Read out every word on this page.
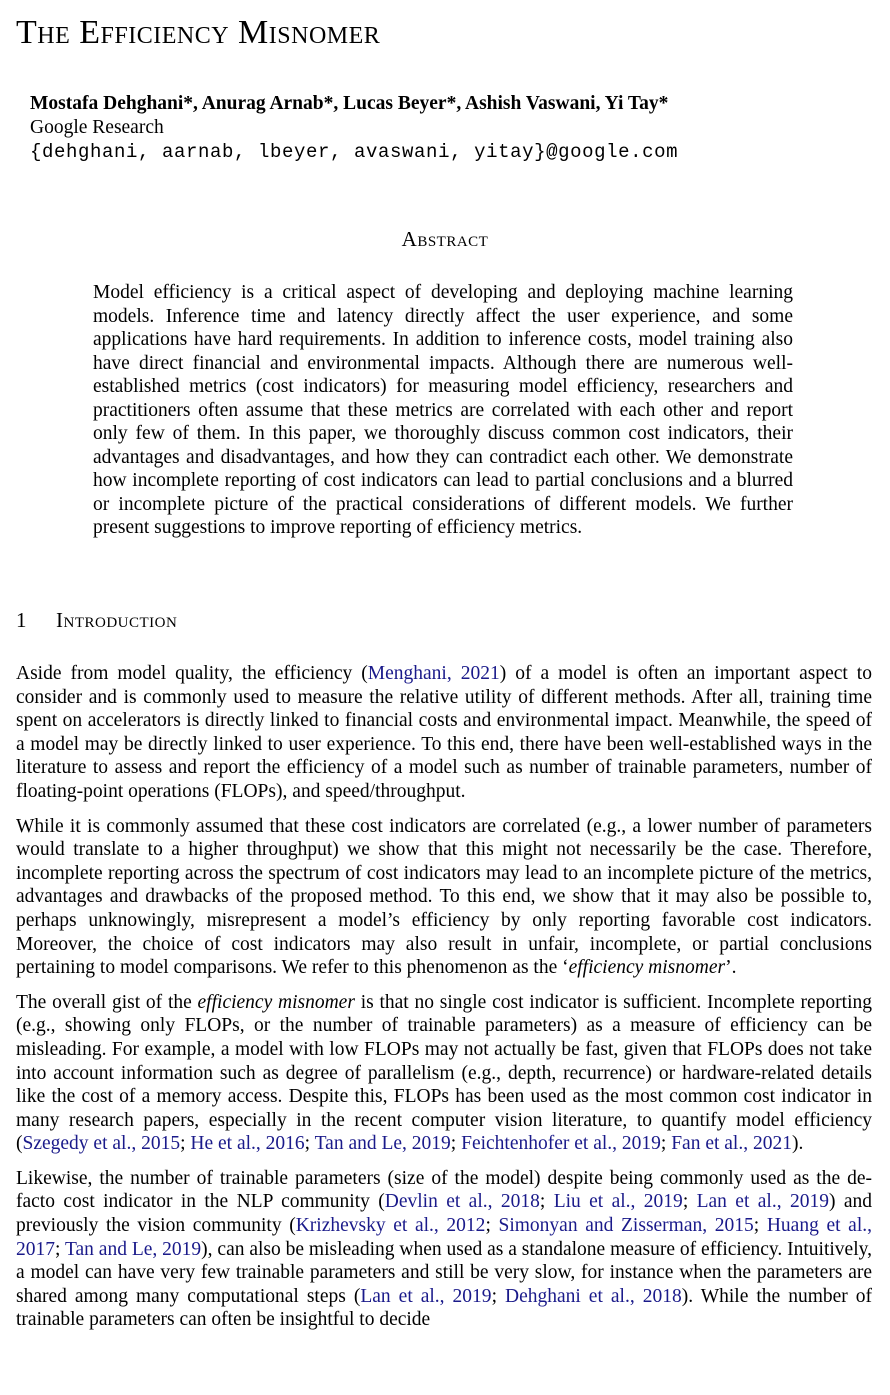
The Efficiency Misnomer
Mostafa Dehghani*, Anurag Arnab*, Lucas Beyer*, Ashish Vaswani, Yi Tay*
Google Research
{dehghani, aarnab, lbeyer, avaswani, yitay}@google.com
Abstract
Model efficiency is a critical aspect of developing and deploying machine learning models. Inference time and latency directly affect the user experience, and some applications have hard requirements. In addition to inference costs, model training also have direct financial and environmental impacts. Although there are numerous well-established metrics (cost indicators) for measuring model efficiency, researchers and practitioners often assume that these metrics are correlated with each other and report only few of them. In this paper, we thoroughly discuss common cost indicators, their advantages and disadvantages, and how they can contradict each other. We demonstrate how incomplete reporting of cost indicators can lead to partial conclusions and a blurred or incomplete picture of the practical considerations of different models. We further present suggestions to improve reporting of efficiency metrics.
1 Introduction

Aside from model quality, the efficiency (Menghani, 2021) of a model is often an important aspect to consider and is commonly used to measure the relative utility of different methods. After all, training time spent on accelerators is directly linked to financial costs and environmental impact. Meanwhile, the speed of a model may be directly linked to user experience. To this end, there have been well-established ways in the literature to assess and report the efficiency of a model such as number of trainable parameters, number of floating-point operations (FLOPs), and speed/throughput.

While it is commonly assumed that these cost indicators are correlated (e.g., a lower number of parameters would translate to a higher throughput) we show that this might not necessarily be the case. Therefore, incomplete reporting across the spectrum of cost indicators may lead to an incomplete picture of the metrics, advantages and drawbacks of the proposed method. To this end, we show that it may also be possible to, perhaps unknowingly, misrepresent a model’s efficiency by only reporting favorable cost indicators. Moreover, the choice of cost indicators may also result in unfair, incomplete, or partial conclusions pertaining to model comparisons. We refer to this phenomenon as the ‘efficiency misnomer’.

The overall gist of the efficiency misnomer is that no single cost indicator is sufficient. Incomplete reporting (e.g., showing only FLOPs, or the number of trainable parameters) as a measure of efficiency can be misleading. For example, a model with low FLOPs may not actually be fast, given that FLOPs does not take into account information such as degree of parallelism (e.g., depth, recurrence) or hardware-related details like the cost of a memory access. Despite this, FLOPs has been used as the most common cost indicator in many research papers, especially in the recent computer vision literature, to quantify model efficiency (Szegedy et al., 2015; He et al., 2016; Tan and Le, 2019; Feichtenhofer et al., 2019; Fan et al., 2021).

Likewise, the number of trainable parameters (size of the model) despite being commonly used as the de-facto cost indicator in the NLP community (Devlin et al., 2018; Liu et al., 2019; Lan et al., 2019) and previously the vision community (Krizhevsky et al., 2012; Simonyan and Zisserman, 2015; Huang et al., 2017; Tan and Le, 2019), can also be misleading when used as a standalone measure of efficiency. Intuitively, a model can have very few trainable parameters and still be very slow, for instance when the parameters are shared among many computational steps (Lan et al., 2019; Dehghani et al., 2018). While the number of trainable parameters can often be insightful to decide
